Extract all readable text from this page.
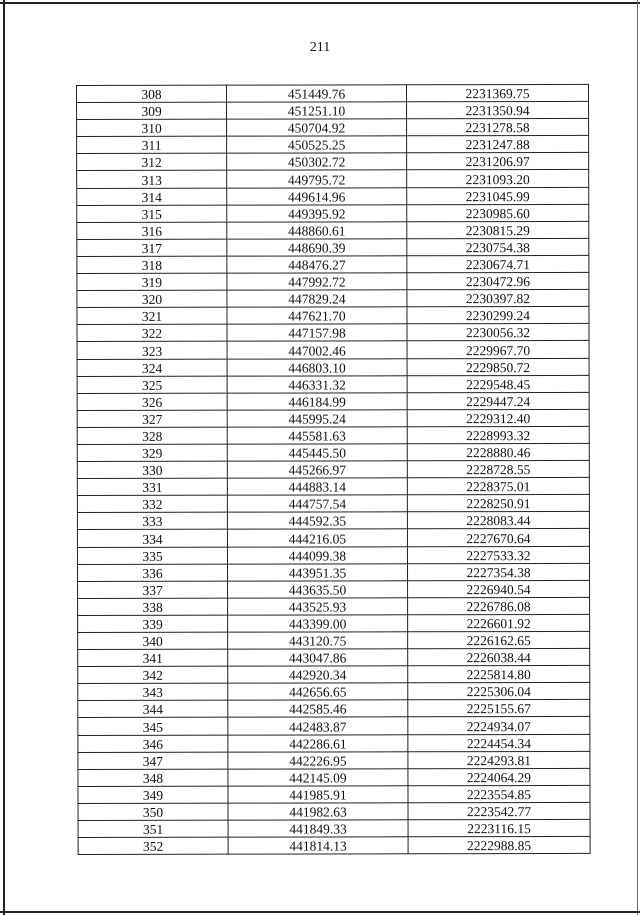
211
308	451449.76	2231369.75
309	451251.10	2231350.94
310	450704.92	2231278.58
311	450525.25	2231247.88
312	450302.72	2231206.97
313	449795.72	2231093.20
314	449614.96	2231045.99
315	449395.92	2230985.60
316	448860.61	2230815.29
317	448690.39	2230754.38
318	448476.27	2230674.71
319	447992.72	2230472.96
320	447829.24	2230397.82
321	447621.70	2230299.24
322	447157.98	2230056.32
323	447002.46	2229967.70
324	446803.10	2229850.72
325	446331.32	2229548.45
326	446184.99	2229447.24
327	445995.24	2229312.40
328	445581.63	2228993.32
329	445445.50	2228880.46
330	445266.97	2228728.55
331	444883.14	2228375.01
332	444757.54	2228250.91
333	444592.35	2228083.44
334	444216.05	2227670.64
335	444099.38	2227533.32
336	443951.35	2227354.38
337	443635.50	2226940.54
338	443525.93	2226786.08
339	443399.00	2226601.92
340	443120.75	2226162.65
341	443047.86	2226038.44
342	442920.34	2225814.80
343	442656.65	2225306.04
344	442585.46	2225155.67
345	442483.87	2224934.07
346	442286.61	2224454.34
347	442226.95	2224293.81
348	442145.09	2224064.29
349	441985.91	2223554.85
350	441982.63	2223542.77
351	441849.33	2223116.15
352	441814.13	2222988.85
